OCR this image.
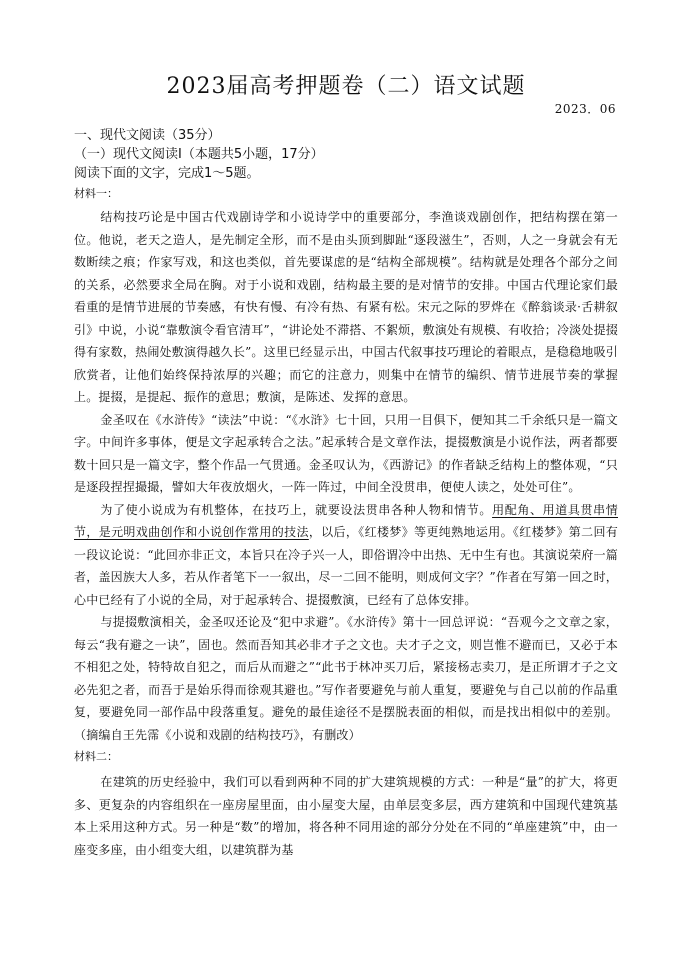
2023届高考押题卷（二）语文试题
2023．06
一、现代文阅读（35分）
（一）现代文阅读Ⅰ（本题共5小题，17分）
阅读下面的文字，完成1～5题。
材料一：

结构技巧论是中国古代戏剧诗学和小说诗学中的重要部分，李渔谈戏剧创作，把结构摆在第一位。他说，老天之造人，是先制定全形，而不是由头顶到脚趾“逐段滋生”，否则，人之一身就会有无数断续之痕；作家写戏，和这也类似，首先要谋虑的是“结构全部规模”。结构就是处理各个部分之间的关系，必然要求全局在胸。对于小说和戏剧，结构最主要的是对情节的安排。中国古代理论家们最看重的是情节进展的节奏感，有快有慢、有冷有热、有紧有松。宋元之际的罗烨在《醉翁谈录·舌耕叙引》中说，小说“靠敷演令看官清耳”，“讲论处不滞搭、不絮烦，敷演处有规模、有收拾；冷淡处提掇得有家数，热闹处敷演得越久长”。这里已经显示出，中国古代叙事技巧理论的着眼点，是稳稳地吸引欣赏者，让他们始终保持浓厚的兴趣；而它的注意力，则集中在情节的编织、情节进展节奏的掌握上。提掇，是提起、振作的意思；敷演，是陈述、发挥的意思。

金圣叹在《水浒传》“读法”中说：“《水浒》七十回，只用一目俱下，便知其二千余纸只是一篇文字。中间许多事体，便是文字起承转合之法。”起承转合是文章作法，提掇敷演是小说作法，两者都要数十回只是一篇文字，整个作品一气贯通。金圣叹认为，《西游记》的作者缺乏结构上的整体观，“只是逐段捏捏撮撮，譬如大年夜放烟火，一阵一阵过，中间全没贯串，便使人读之，处处可住”。

为了使小说成为有机整体，在技巧上，就要设法贯串各种人物和情节。用配角、用道具贯串情节，是元明戏曲创作和小说创作常用的技法，以后，《红楼梦》等更纯熟地运用。《红楼梦》第二回有一段议论说：“此回亦非正文，本旨只在冷子兴一人，即俗谓冷中出热、无中生有也。其演说荣府一篇者，盖因族大人多，若从作者笔下一一叙出，尽一二回不能明，则成何文字？”作者在写第一回之时，心中已经有了小说的全局，对于起承转合、提掇敷演，已经有了总体安排。

与提掇敷演相关，金圣叹还论及“犯中求避”。《水浒传》第十一回总评说：“吾观今之文章之家，每云“我有避之一诀”，固也。然而吾知其必非才子之文也。夫才子之文，则岂惟不避而已，又必于本不相犯之处，特特故自犯之，而后从而避之”“此书于林冲买刀后，紧接杨志卖刀，是正所谓才子之文必先犯之者，而吾于是始乐得而徐观其避也。”写作者要避免与前人重复，要避免与自己以前的作品重复，要避免同一部作品中段落重复。避免的最佳途径不是摆脱表面的相似，而是找出相似中的差别。（摘编自王先霈《小说和戏剧的结构技巧》，有删改）

材料二：

在建筑的历史经验中，我们可以看到两种不同的扩大建筑规模的方式：一种是“量”的扩大，将更多、更复杂的内容组织在一座房屋里面，由小屋变大屋，由单层变多层，西方建筑和中国现代建筑基本上采用这种方式。另一种是“数”的增加，将各种不同用途的部分分处在不同的“单座建筑”中，由一座变多座，由小组变大组，以建筑群为基
